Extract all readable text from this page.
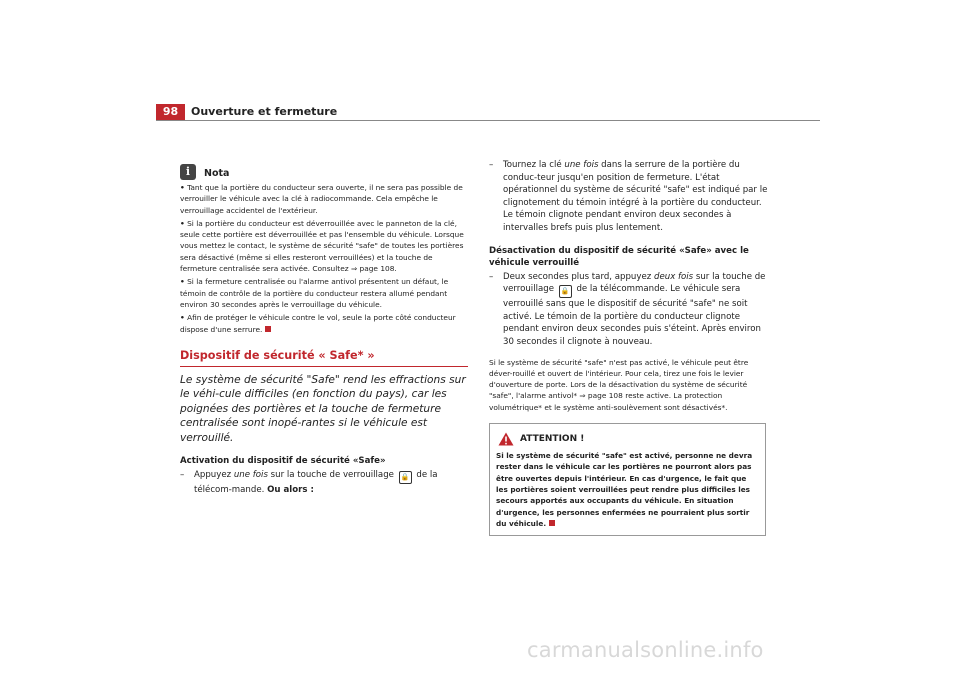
98	Ouverture et fermeture
i	Nota
• Tant que la portière du conducteur sera ouverte, il ne sera pas possible de verrouiller le véhicule avec la clé à radiocommande. Cela empêche le verrouillage accidentel de l'extérieur.
• Si la portière du conducteur est déverrouillée avec le panneton de la clé, seule cette portière est déverrouillée et pas l'ensemble du véhicule. Lorsque vous mettez le contact, le système de sécurité "safe" de toutes les portières sera désactivé (même si elles resteront verrouillées) et la touche de fermeture centralisée sera activée. Consultez ⇒ page 108.
• Si la fermeture centralisée ou l'alarme antivol présentent un défaut, le témoin de contrôle de la portière du conducteur restera allumé pendant environ 30 secondes après le verrouillage du véhicule.
• Afin de protéger le véhicule contre le vol, seule la porte côté conducteur dispose d'une serrure.
Dispositif de sécurité « Safe* »
Le système de sécurité "Safe" rend les effractions sur le véhi-cule difficiles (en fonction du pays), car les poignées des portières et la touche de fermeture centralisée sont inopé-rantes si le véhicule est verrouillé.
Activation du dispositif de sécurité «Safe»
–	Appuyez une fois sur la touche de verrouillage 🔒 de la télécom-mande. Ou alors :
–	Tournez la clé une fois dans la serrure de la portière du conduc-teur jusqu'en position de fermeture. L'état opérationnel du système de sécurité "safe" est indiqué par le clignotement du témoin intégré à la portière du conducteur. Le témoin clignote pendant environ deux secondes à intervalles brefs puis plus lentement.
Désactivation du dispositif de sécurité «Safe» avec le véhicule verrouillé
–	Deux secondes plus tard, appuyez deux fois sur la touche de verrouillage 🔒 de la télécommande. Le véhicule sera verrouillé sans que le dispositif de sécurité "safe" ne soit activé. Le témoin de la portière du conducteur clignote pendant environ deux secondes puis s'éteint. Après environ 30 secondes il clignote à nouveau.
Si le système de sécurité "safe" n'est pas activé, le véhicule peut être déver-rouillé et ouvert de l'intérieur. Pour cela, tirez une fois le levier d'ouverture de porte. Lors de la désactivation du système de sécurité "safe", l'alarme antivol* ⇒ page 108 reste active. La protection volumétrique* et le système anti-soulèvement sont désactivés*.
ATTENTION !
Si le système de sécurité "safe" est activé, personne ne devra rester dans le véhicule car les portières ne pourront alors pas être ouvertes depuis l'intérieur. En cas d'urgence, le fait que les portières soient verrouillées peut rendre plus difficiles les secours apportés aux occupants du véhicule. En situation d'urgence, les personnes enfermées ne pourraient plus sortir du véhicule.
carmanualsonline.info
